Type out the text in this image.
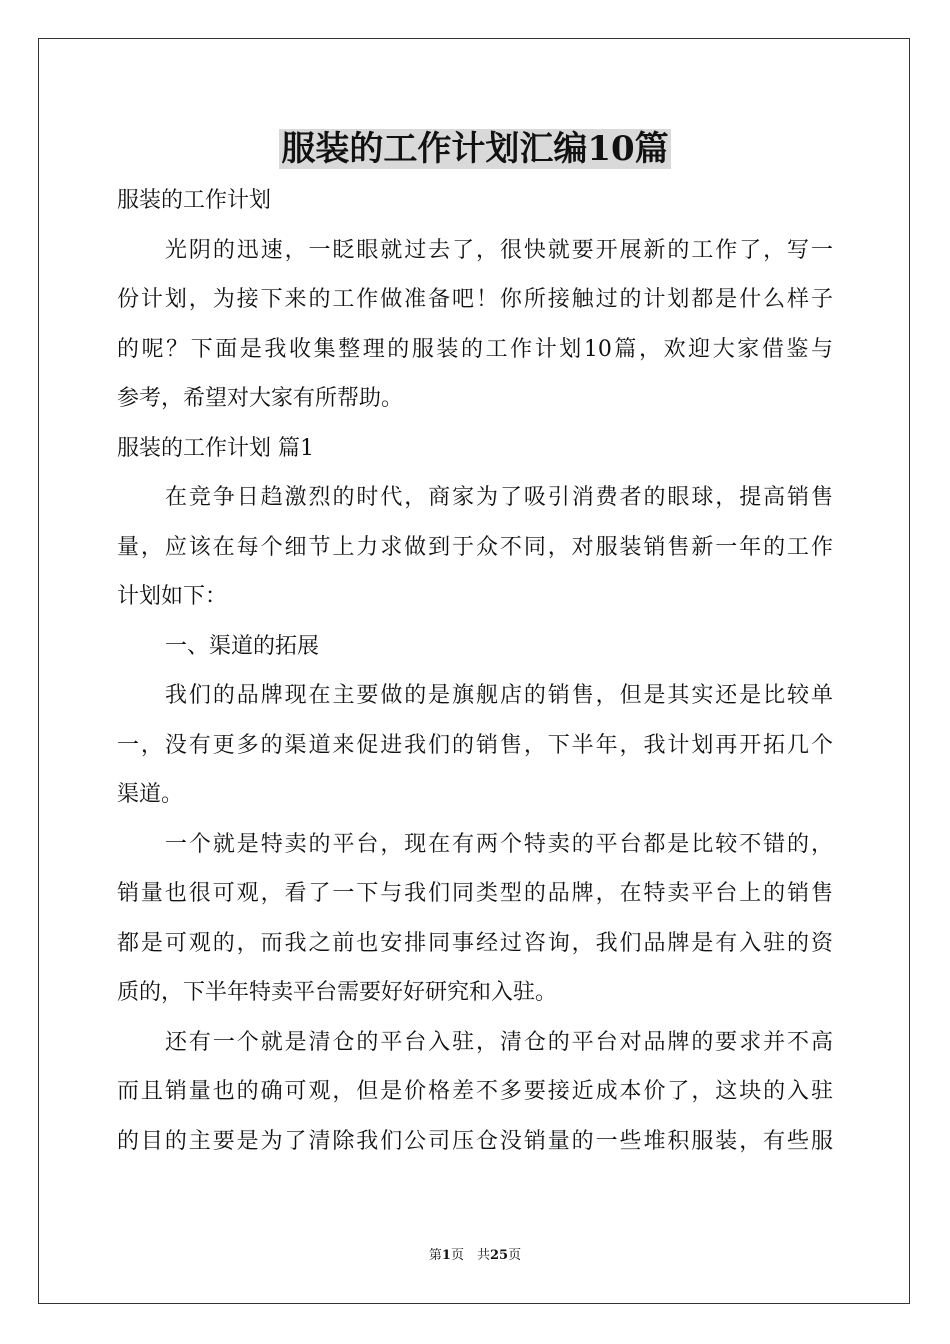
服装的工作计划汇编10篇
服装的工作计划
光阴的迅速，一眨眼就过去了，很快就要开展新的工作了，写一
份计划，为接下来的工作做准备吧！你所接触过的计划都是什么样子
的呢？下面是我收集整理的服装的工作计划10篇，欢迎大家借鉴与
参考，希望对大家有所帮助。
服装的工作计划 篇1
在竞争日趋激烈的时代，商家为了吸引消费者的眼球，提高销售
量，应该在每个细节上力求做到于众不同，对服装销售新一年的工作
计划如下：
一、渠道的拓展
我们的品牌现在主要做的是旗舰店的销售，但是其实还是比较单
一，没有更多的渠道来促进我们的销售，下半年，我计划再开拓几个
渠道。
一个就是特卖的平台，现在有两个特卖的平台都是比较不错的，
销量也很可观，看了一下与我们同类型的品牌，在特卖平台上的销售
都是可观的，而我之前也安排同事经过咨询，我们品牌是有入驻的资
质的，下半年特卖平台需要好好研究和入驻。
还有一个就是清仓的平台入驻，清仓的平台对品牌的要求并不高
而且销量也的确可观，但是价格差不多要接近成本价了，这块的入驻
的目的主要是为了清除我们公司压仓没销量的一些堆积服装，有些服
第1页　共25页
